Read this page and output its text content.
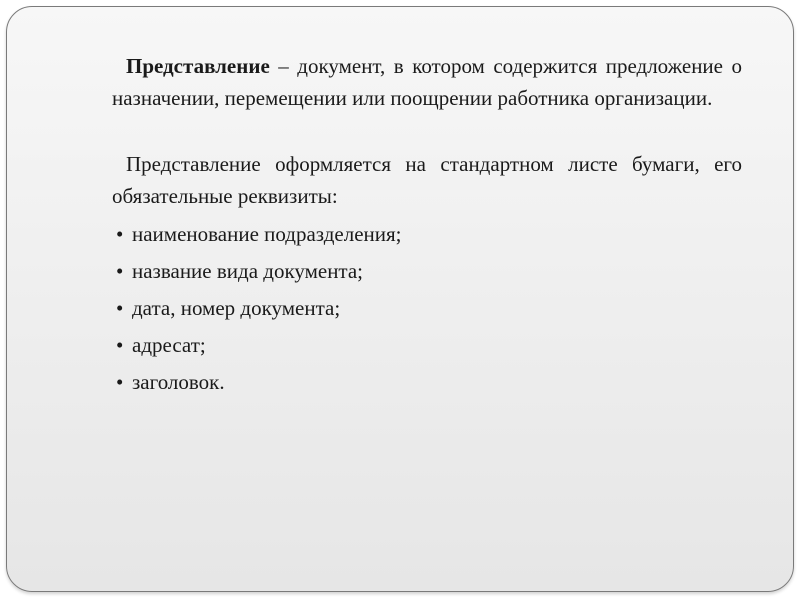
Представление – документ, в котором содержится предложение о назначении, перемещении или поощрении работника организации.

Представление оформляется на стандартном листе бумаги, его обязательные реквизиты:

• наименование подразделения;
• название вида документа;
• дата, номер документа;
• адресат;
• заголовок.
